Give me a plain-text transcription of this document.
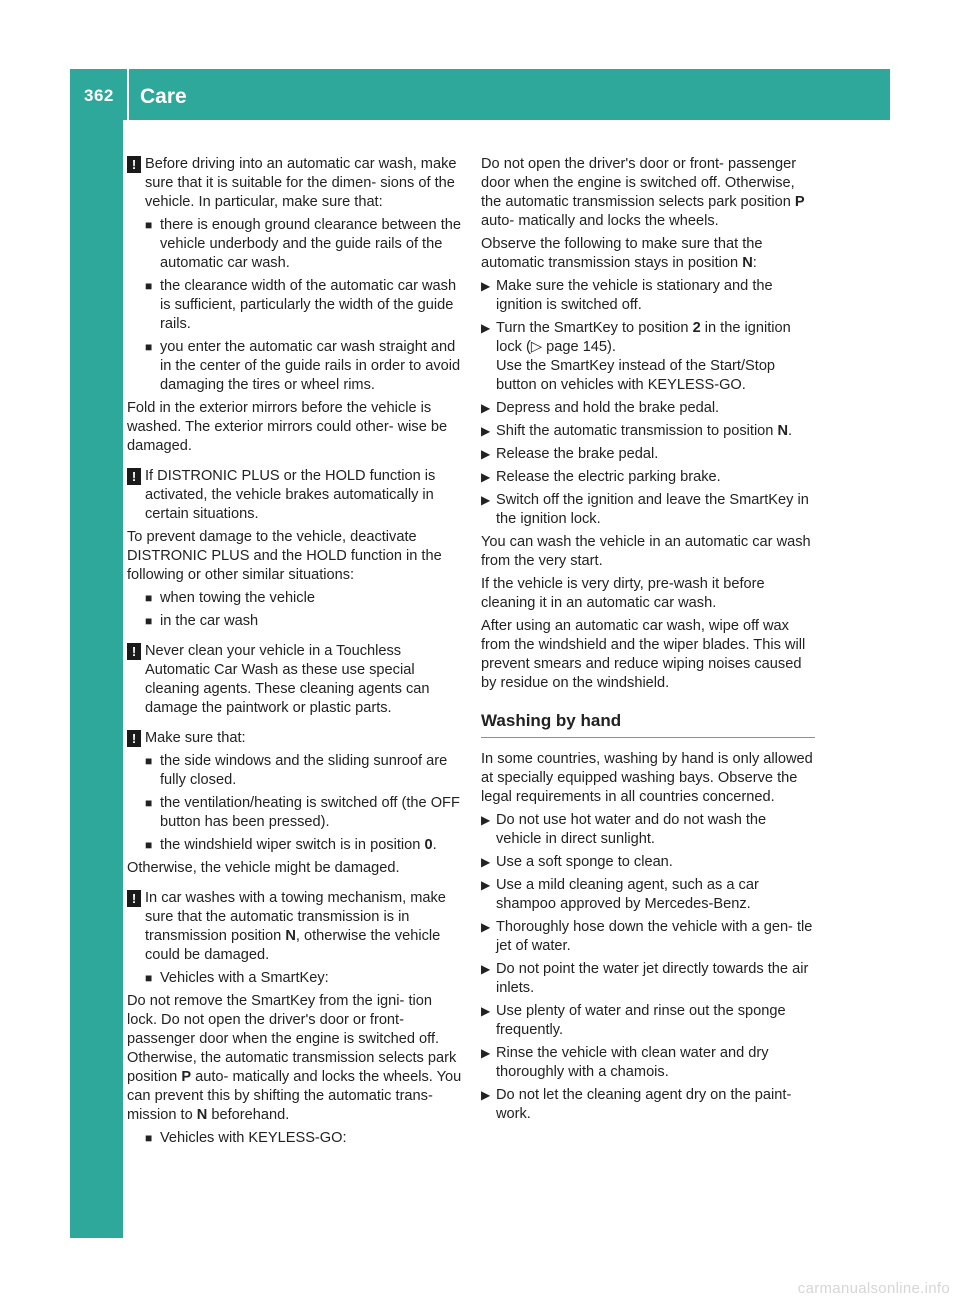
362 Care
Maintenance and care
!
Before driving into an automatic car wash, make sure that it is suitable for the dimen- sions of the vehicle. In particular, make sure that:
■ there is enough ground clearance between the vehicle underbody and the guide rails of the automatic car wash.
■ the clearance width of the automatic car wash is sufficient, particularly the width of the guide rails.
■ you enter the automatic car wash straight and in the center of the guide rails in order to avoid damaging the tires or wheel rims.

Fold in the exterior mirrors before the vehicle is washed. The exterior mirrors could other- wise be damaged.

!
If DISTRONIC PLUS or the HOLD function is activated, the vehicle brakes automatically in certain situations.

To prevent damage to the vehicle, deactivate DISTRONIC PLUS and the HOLD function in the following or other similar situations:

■ when towing the vehicle
■ in the car wash
!
Never clean your vehicle in a Touchless Automatic Car Wash as these use special cleaning agents. These cleaning agents can damage the paintwork or plastic parts.
!
Make sure that:
■ the side windows and the sliding sunroof are fully closed.
■ the ventilation/heating is switched off (the OFF button has been pressed).
■ the windshield wiper switch is in position 0.

Otherwise, the vehicle might be damaged.

!
In car washes with a towing mechanism, make sure that the automatic transmission is in transmission position N, otherwise the vehicle could be damaged.
■ Vehicles with a SmartKey:

Do not remove the SmartKey from the igni- tion lock. Do not open the driver's door or front-passenger door when the engine is switched off. Otherwise, the automatic transmission selects park position P auto- matically and locks the wheels. You can prevent this by shifting the automatic trans- mission to N beforehand.

■ Vehicles with KEYLESS-GO:

Do not open the driver's door or front- passenger door when the engine is switched off. Otherwise, the automatic transmission selects park position P auto- matically and locks the wheels.

Observe the following to make sure that the automatic transmission stays in position N:

▶ Make sure the vehicle is stationary and the ignition is switched off.
▶ Turn the SmartKey to position 2 in the ignition lock (▷ page 145).
Use the SmartKey instead of the Start/Stop button on vehicles with KEYLESS-GO.
▶ Depress and hold the brake pedal.
▶ Shift the automatic transmission to position N.
▶ Release the brake pedal.
▶ Release the electric parking brake.
▶ Switch off the ignition and leave the SmartKey in the ignition lock.

You can wash the vehicle in an automatic car wash from the very start.

If the vehicle is very dirty, pre-wash it before cleaning it in an automatic car wash.

After using an automatic car wash, wipe off wax from the windshield and the wiper blades. This will prevent smears and reduce wiping noises caused by residue on the windshield.

Washing by hand

In some countries, washing by hand is only allowed at specially equipped washing bays. Observe the legal requirements in all countries concerned.

▶ Do not use hot water and do not wash the vehicle in direct sunlight.
▶ Use a soft sponge to clean.
▶ Use a mild cleaning agent, such as a car shampoo approved by Mercedes-Benz.
▶ Thoroughly hose down the vehicle with a gen- tle jet of water.
▶ Do not point the water jet directly towards the air inlets.
▶ Use plenty of water and rinse out the sponge frequently.
▶ Rinse the vehicle with clean water and dry thoroughly with a chamois.
▶ Do not let the cleaning agent dry on the paint- work.
carmanualsonline.info
